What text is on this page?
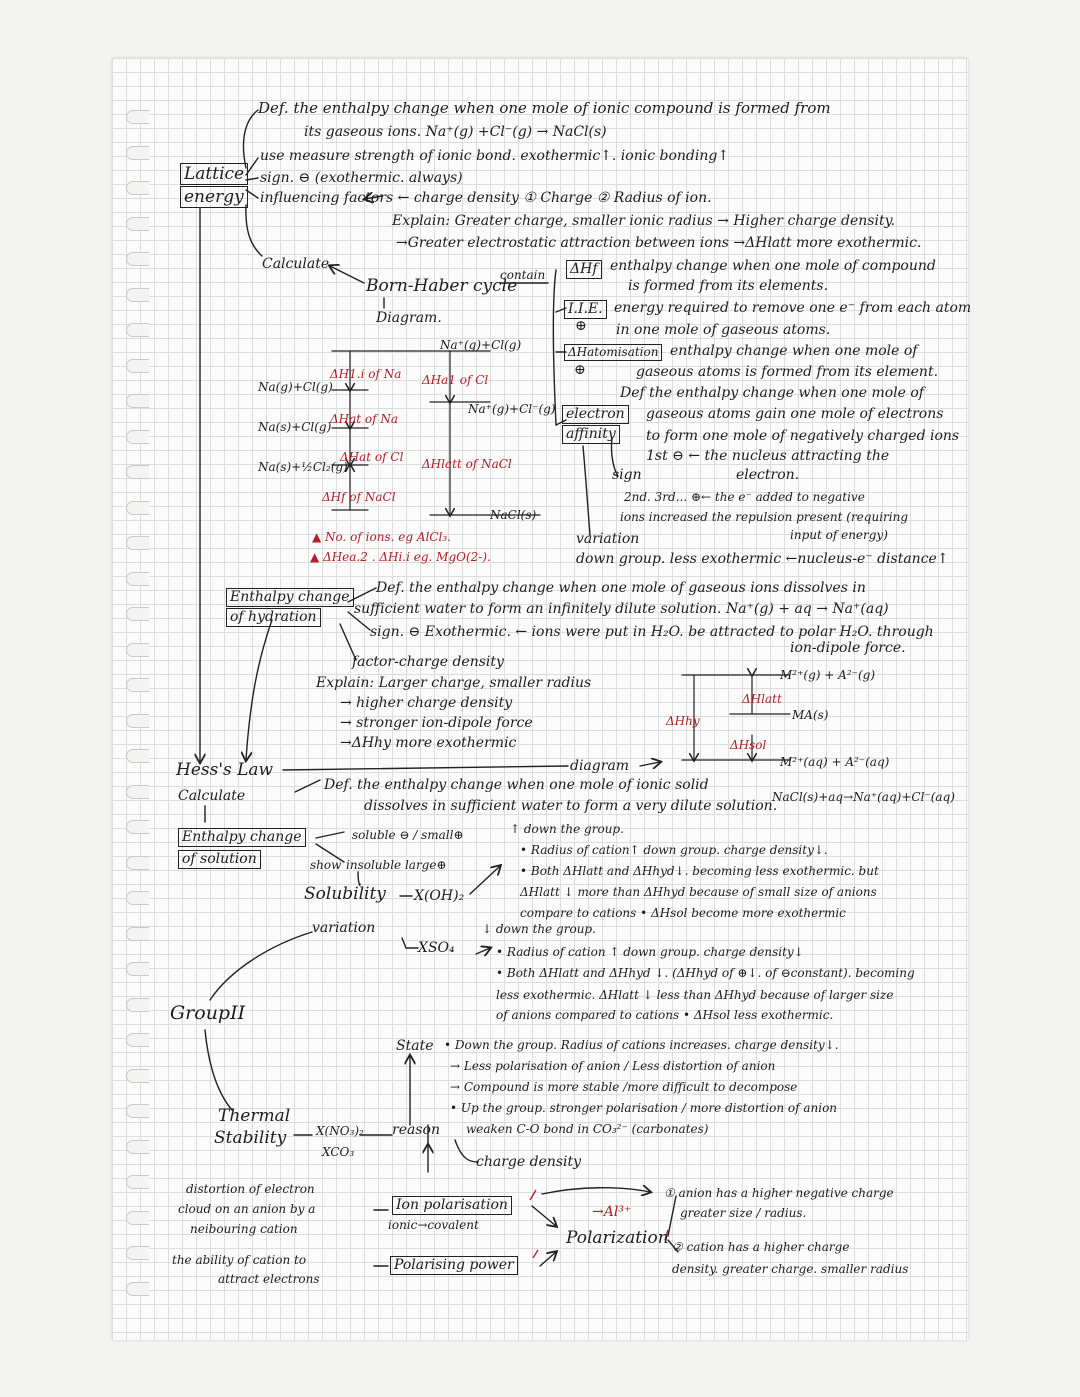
Lattice

energy

Def. the enthalpy change when one mole of ionic compound is formed from

its gaseous ions. Na⁺(g) +Cl⁻(g) → NaCl(s)

use measure strength of ionic bond. exothermic↑. ionic bonding↑

sign. ⊖ (exothermic. always)

influencing factors ← charge density ① Charge ② Radius of ion.

Explain: Greater charge, smaller ionic radius → Higher charge density.

→Greater electrostatic attraction between ions →ΔHlatt more exothermic.

Calculate

Born-Haber cycle

Diagram.

contain ΔHf enthalpy change when one mole of compound

is formed from its elements.

I.I.E.

⊕

energy required to remove one e⁻ from each atom

in one mole of gaseous atoms.

ΔHatomisation

⊕

enthalpy change when one mole of

gaseous atoms is formed from its element.

electron

affinity

Def the enthalpy change when one mole of

gaseous atoms gain one mole of electrons

to form one mole of negatively charged ions

sign

1st ⊖ ← the nucleus attracting the

electron.

2nd. 3rd... ⊕← the e⁻ added to negative

ions increased the repulsion present (requiring

input of energy)

variation

down group. less exothermic ←nucleus-e⁻ distance↑

Na⁺(g)+Cl(g)

Na⁺(g)+Cl⁻(g)

Na(g)+Cl(g)

Na(s)+Cl(g)

Na(s)+½Cl₂(g)

NaCl(s)

ΔH1.i of Na ΔHa1 of Cl

ΔHat of Na

ΔHat of Cl ΔHlatt of NaCl

ΔHf of NaCl

▲ No. of ions. eg AlCl₃.

▲ ΔHea.2 . ΔHi.i eg. MgO(2-).

Enthalpy change

of hydration

Def. the enthalpy change when one mole of gaseous ions dissolves in

sufficient water to form an infinitely dilute solution. Na⁺(g) + aq → Na⁺(aq)

sign. ⊖ Exothermic. ← ions were put in H₂O. be attracted to polar H₂O. through

ion-dipole force.

factor-charge density

Explain: Larger charge, smaller radius

→ higher charge density

→ stronger ion-dipole force

→ΔHhy more exothermic

M²⁺(g) + A²⁻(g)

MA(s)

M²⁺(aq) + A²⁻(aq)

ΔHlatt

ΔHhy

ΔHsol

diagram

Hess's Law

Calculate

Enthalpy change

of solution

Def. the enthalpy change when one mole of ionic solid

dissolves in sufficient water to form a very dilute solution.

NaCl(s)+aq→Na⁺(aq)+Cl⁻(aq)

soluble ⊖ / small⊕

show insoluble large⊕

Solubility

variation

X(OH)₂

XSO₄

↑ down the group.

• Radius of cation↑ down group. charge density↓.

• Both ΔHlatt and ΔHhyd↓. becoming less exothermic. but

ΔHlatt ↓ more than ΔHhyd because of small size of anions

compare to cations • ΔHsol become more exothermic

↓ down the group.

• Radius of cation ↑ down group. charge density↓

• Both ΔHlatt and ΔHhyd ↓. (ΔHhyd of ⊕↓. of ⊖constant). becoming

less exothermic. ΔHlatt ↓ less than ΔHhyd because of larger size

of anions compared to cations • ΔHsol less exothermic.

GroupII

Thermal

Stability X(NO₃)₂

XCO₃

reason

State • Down the group. Radius of cations increases. charge density↓.

→ Less polarisation of anion / Less distortion of anion

→ Compound is more stable /more difficult to decompose

• Up the group. stronger polarisation / more distortion of anion

weaken C-O bond in CO₃²⁻ (carbonates)

charge density

distortion of electron

cloud on an anion by a

neibouring cation

Ion polarisation

ionic→covalent

the ability of cation to

attract electrons

Polarising power

→Al³⁺

Polarization

① anion has a higher negative charge

greater size / radius.

② cation has a higher charge

density. greater charge. smaller radius
